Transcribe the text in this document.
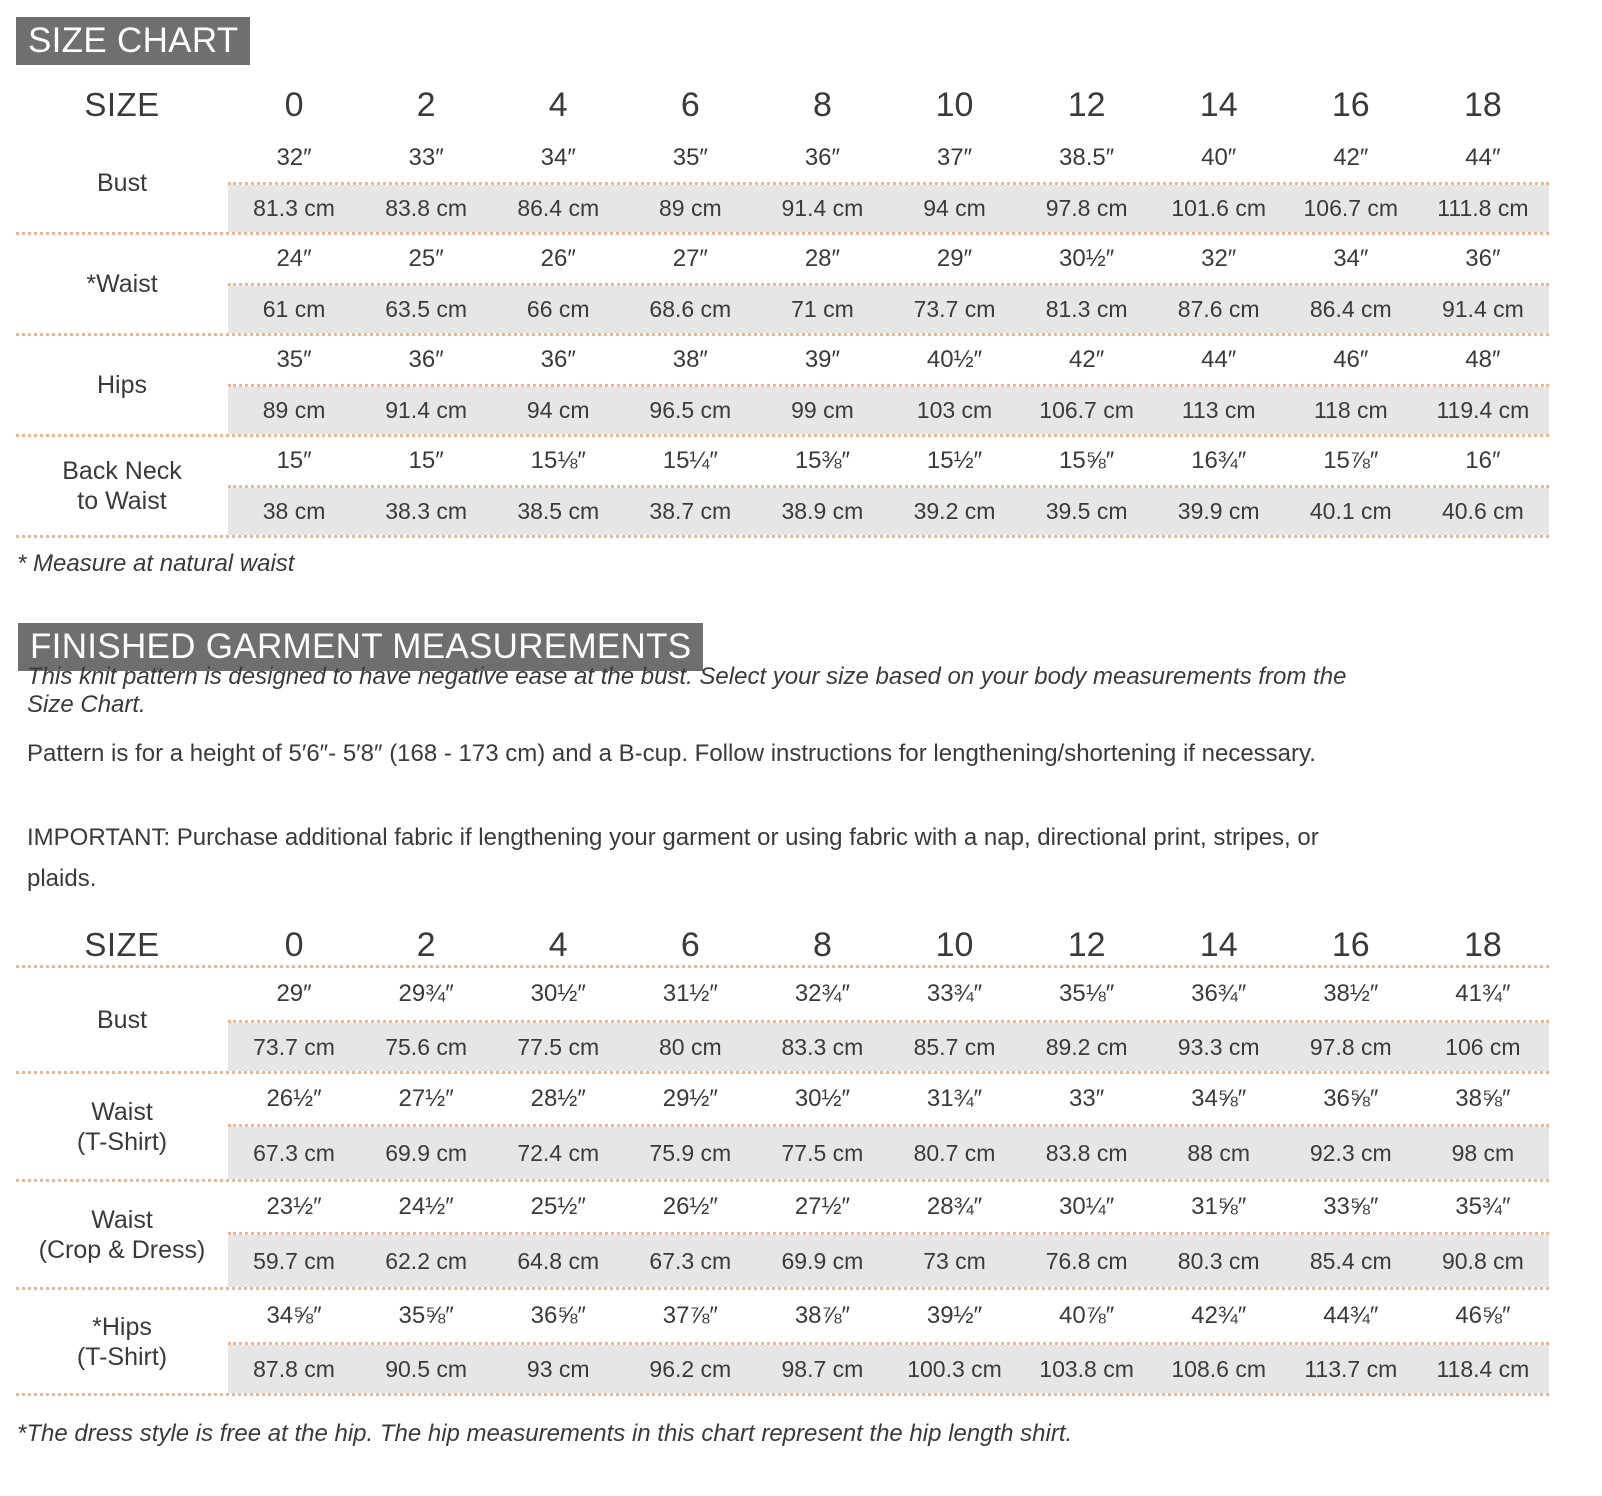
SIZE CHART
SIZE	0	2	4	6	8	10	12	14	16	18
Bust
32″	33″	34″	35″	36″	37″	38.5″	40″	42″	44″
81.3 cm	83.8 cm	86.4 cm	89 cm	91.4 cm	94 cm	97.8 cm	101.6 cm	106.7 cm	111.8 cm
*Waist
24″	25″	26″	27″	28″	29″	30½″	32″	34″	36″
61 cm	63.5 cm	66 cm	68.6 cm	71 cm	73.7 cm	81.3 cm	87.6 cm	86.4 cm	91.4 cm
Hips
35″	36″	36″	38″	39″	40½″	42″	44″	46″	48″
89 cm	91.4 cm	94 cm	96.5 cm	99 cm	103 cm	106.7 cm	113 cm	118 cm	119.4 cm
Back Neck
to Waist
15″	15″	15⅛″	15¼″	15⅜″	15½″	15⅝″	16¾″	15⅞″	16″
38 cm	38.3 cm	38.5 cm	38.7 cm	38.9 cm	39.2 cm	39.5 cm	39.9 cm	40.1 cm	40.6 cm
* Measure at natural waist
FINISHED GARMENT MEASUREMENTS
This knit pattern is designed to have negative ease at the bust. Select your size based on your body measurements from the Size Chart.
Pattern is for a height of 5′6″- 5′8″ (168 - 173 cm) and a B-cup. Follow instructions for lengthening/shortening if necessary.
IMPORTANT: Purchase additional fabric if lengthening your garment or using fabric with a nap, directional print, stripes, or plaids.
SIZE	0	2	4	6	8	10	12	14	16	18
Bust
29″	29¾″	30½″	31½″	32¾″	33¾″	35⅛″	36¾″	38½″	41¾″
73.7 cm	75.6 cm	77.5 cm	80 cm	83.3 cm	85.7 cm	89.2 cm	93.3 cm	97.8 cm	106 cm
Waist
(T-Shirt)
26½″	27½″	28½″	29½″	30½″	31¾″	33″	34⅝″	36⅝″	38⅝″
67.3 cm	69.9 cm	72.4 cm	75.9 cm	77.5 cm	80.7 cm	83.8 cm	88 cm	92.3 cm	98 cm
Waist
(Crop & Dress)
23½″	24½″	25½″	26½″	27½″	28¾″	30¼″	31⅝″	33⅝″	35¾″
59.7 cm	62.2 cm	64.8 cm	67.3 cm	69.9 cm	73 cm	76.8 cm	80.3 cm	85.4 cm	90.8 cm
*Hips
(T-Shirt)
34⅝″	35⅝″	36⅝″	37⅞″	38⅞″	39½″	40⅞″	42¾″	44¾″	46⅝″
87.8 cm	90.5 cm	93 cm	96.2 cm	98.7 cm	100.3 cm	103.8 cm	108.6 cm	113.7 cm	118.4 cm
*The dress style is free at the hip. The hip measurements in this chart represent the hip length shirt.
